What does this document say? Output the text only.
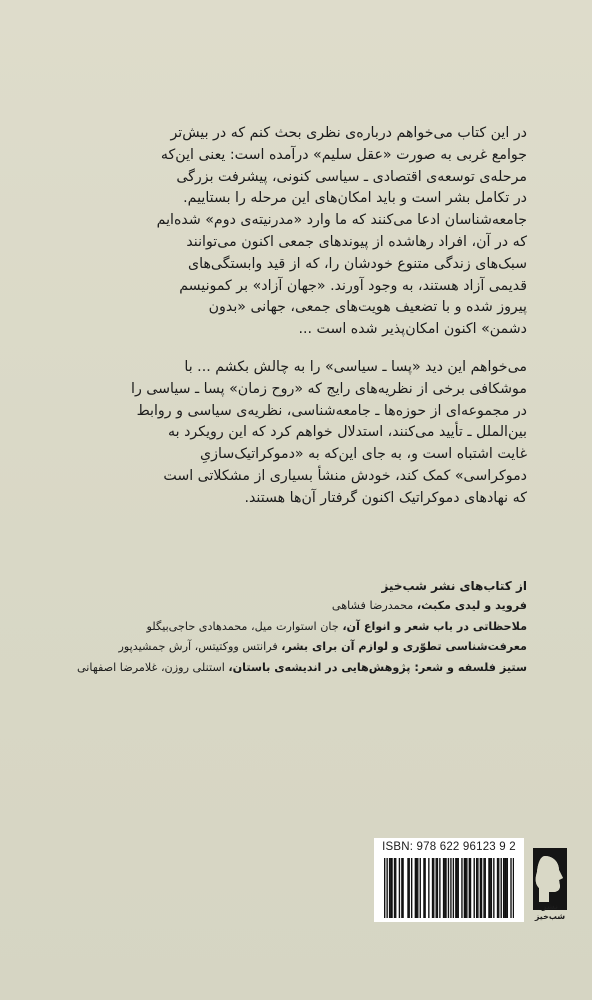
در این کتاب می‌خواهم درباره‌ی نظری بحث کنم که در بیش‌تر
جوامع غربی به صورت «عقل سلیم» درآمده است: یعنی این‌که
مرحله‌ی توسعه‌ی اقتصادی ـ سیاسی کنونی، پیشرفت بزرگی
در تکامل بشر است و باید امکان‌های این مرحله را بستاییم.
جامعه‌شناسان ادعا می‌کنند که ما وارد «مدرنیته‌ی دوم» شده‌ایم
که در آن، افراد رهاشده از پیوندهای جمعی اکنون می‌توانند
سبک‌های زندگی متنوع خودشان را، که از قید وابستگی‌های
قدیمی آزاد هستند، به وجود آورند. «جهان آزاد» بر کمونیسم
پیروز شده و با تضعیف هویت‌های جمعی، جهانی «بدون
دشمن» اکنون امکان‌پذیر شده است ...
می‌خواهم این دید «پسا ـ سیاسی» را به چالش بکشم ... با
موشکافی برخی از نظریه‌های رایج که «روح زمان» پسا ـ سیاسی را
در مجموعه‌ای از حوزه‌ها ـ جامعه‌شناسی، نظریه‌ی سیاسی و روابط
بین‌الملل ـ تأیید می‌کنند، استدلال خواهم کرد که این رویکرد به
غایت اشتباه است و، به جای این‌که به «دموکراتیک‌سازیِ
دموکراسی» کمک کند، خودش منشأ بسیاری از مشکلاتی است
که نهادهای دموکراتیک اکنون گرفتار آن‌ها هستند.
از کتاب‌های نشر شب‌خیز
فروید و لیدی مکبث، محمدرضا فشاهی
ملاحظاتی در باب شعر و انواع آن، جان استوارت میل، محمدهادی حاجی‌بیگلو
معرفت‌شناسی تطوّری و لوازم آن برای بشر، فرانتس ووکتیتس، آرش جمشیدپور
ستیز فلسفه و شعر: پژوهش‌هایی در اندیشه‌ی باستان، استنلی روزن، غلامرضا اصفهانی
ISBN: 978 622 96123 9 2
نشر شب‌خیز
